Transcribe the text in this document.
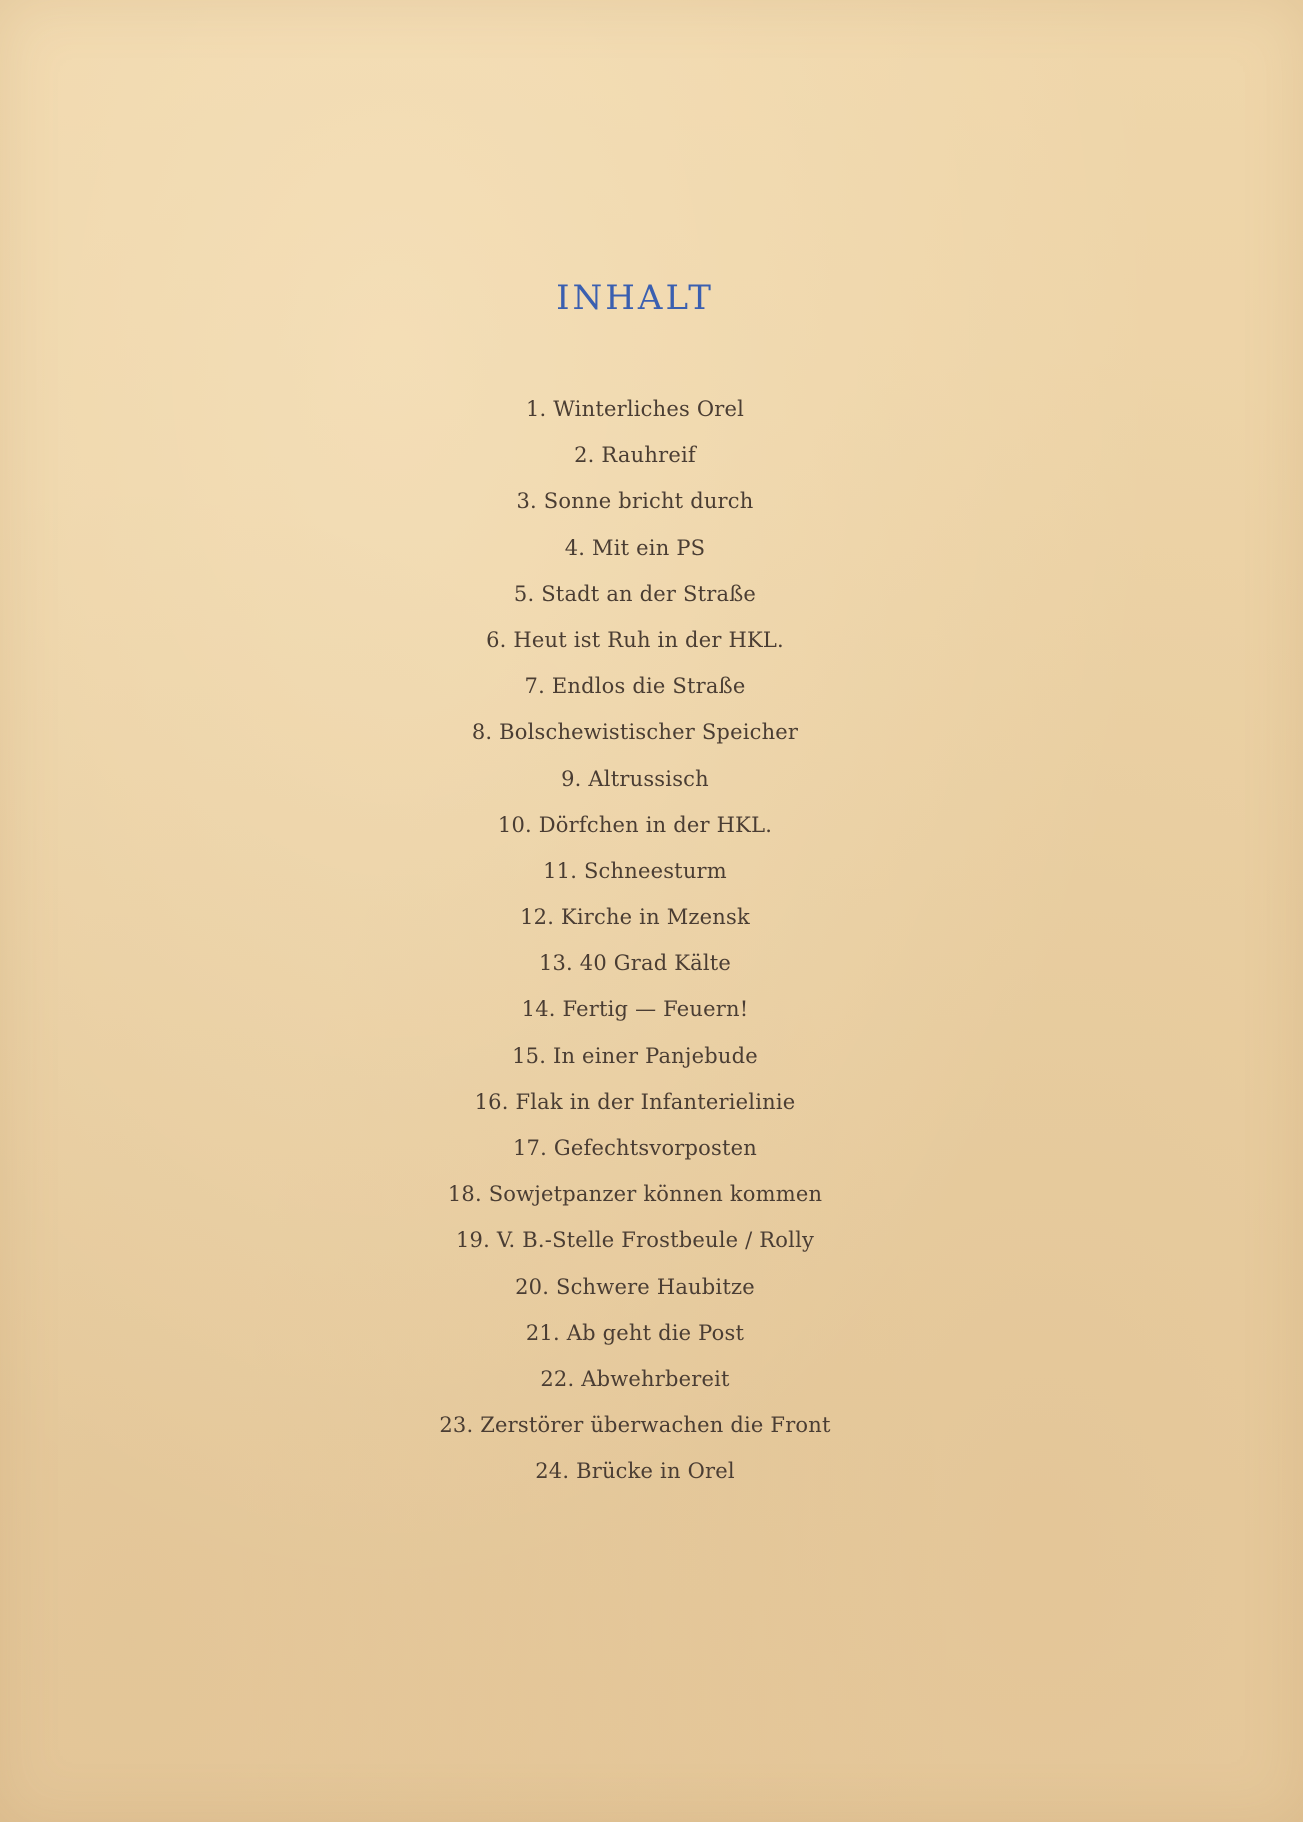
INHALT
1. Winterliches Orel
2. Rauhreif
3. Sonne bricht durch
4. Mit ein PS
5. Stadt an der Straße
6. Heut ist Ruh in der HKL.
7. Endlos die Straße
8. Bolschewistischer Speicher
9. Altrussisch
10. Dörfchen in der HKL.
11. Schneesturm
12. Kirche in Mzensk
13. 40 Grad Kälte
14. Fertig — Feuern!
15. In einer Panjebude
16. Flak in der Infanterielinie
17. Gefechtsvorposten
18. Sowjetpanzer können kommen
19. V. B.-Stelle Frostbeule / Rolly
20. Schwere Haubitze
21. Ab geht die Post
22. Abwehrbereit
23. Zerstörer überwachen die Front
24. Brücke in Orel
